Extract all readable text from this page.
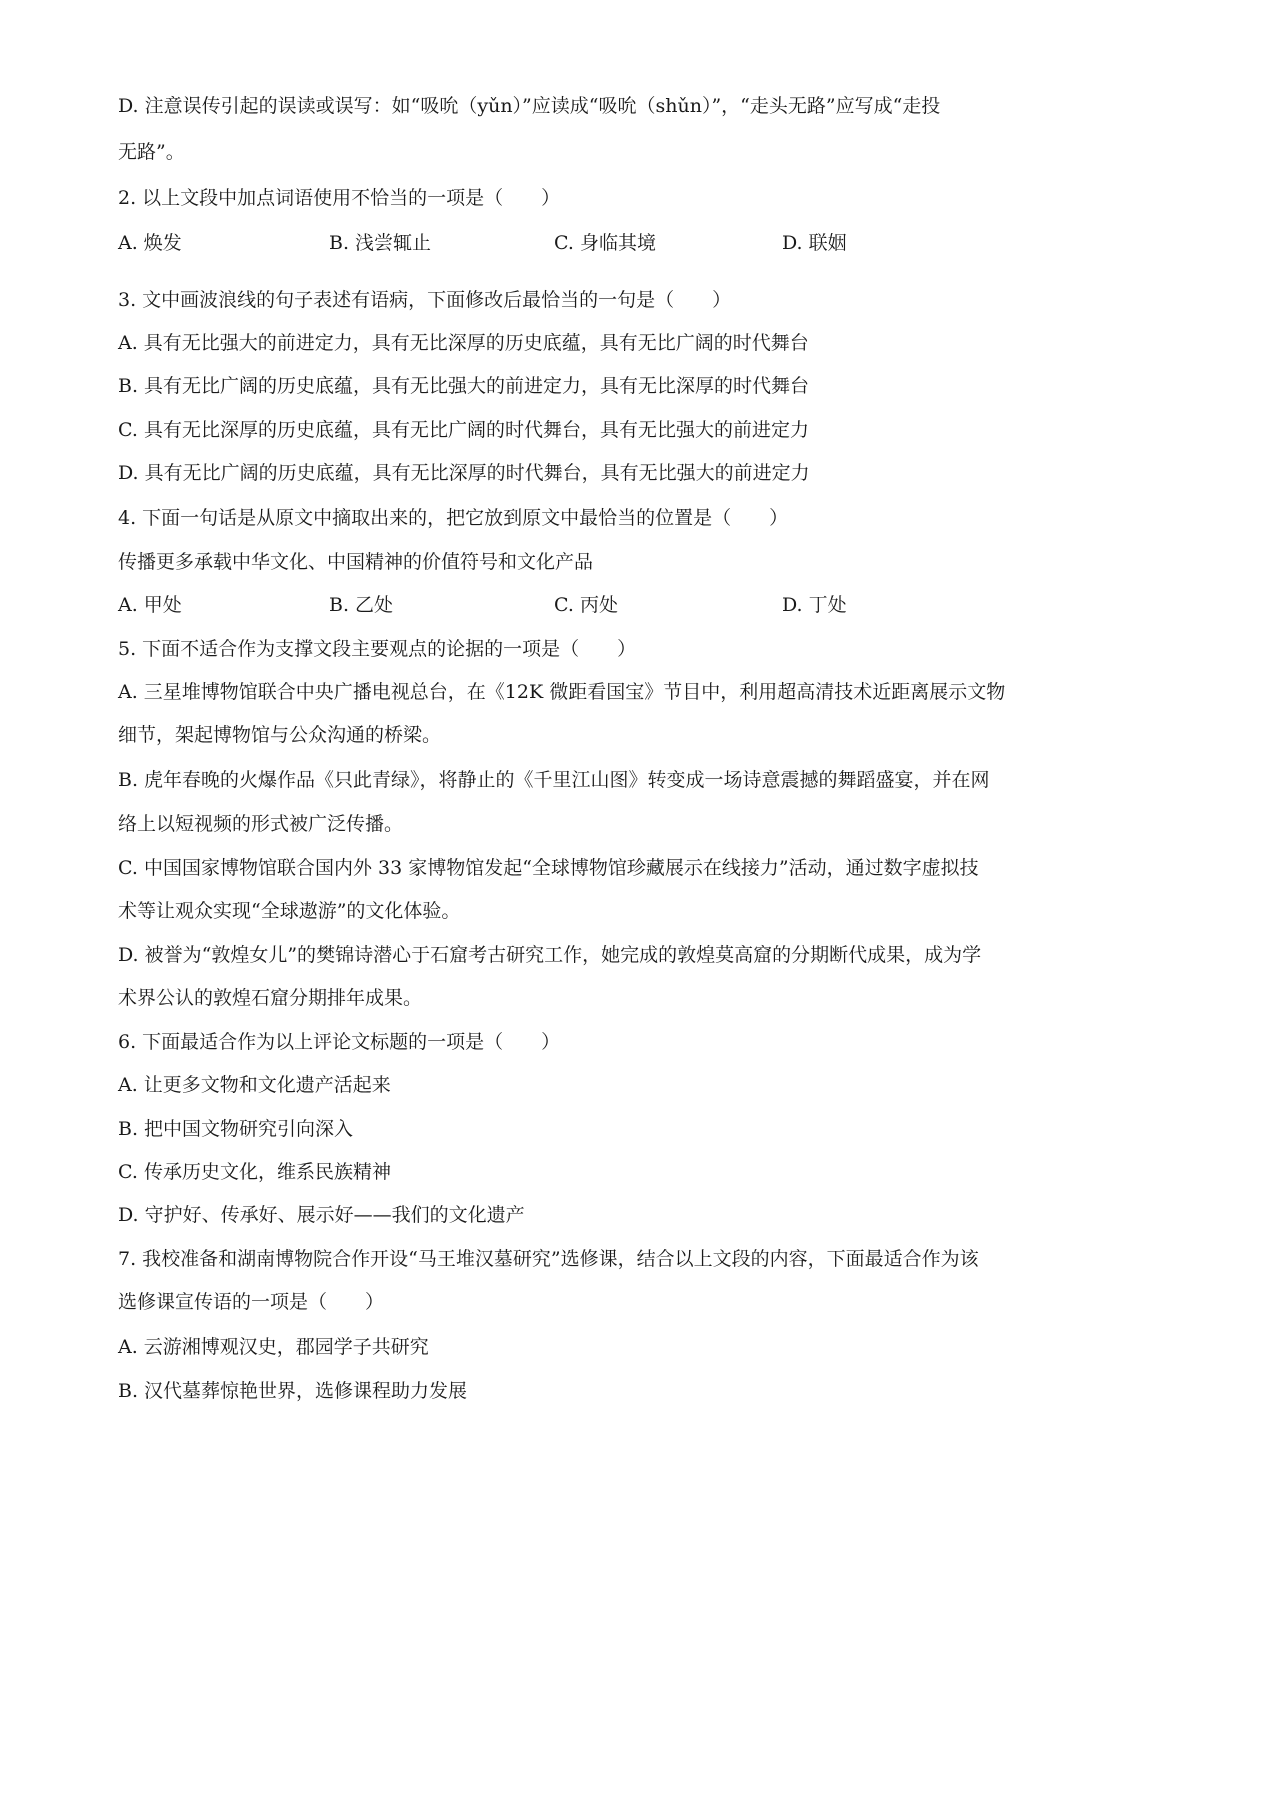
D. 注意误传引起的误读或误写：如“吸吮（yǔn）”应读成“吸吮（shǔn）”，“走头无路”应写成“走投
无路”。
2. 以上文段中加点词语使用不恰当的一项是（　　）
A. 焕发	B. 浅尝辄止	C. 身临其境	D. 联姻
3. 文中画波浪线的句子表述有语病，下面修改后最恰当的一句是（　　）
A. 具有无比强大的前进定力，具有无比深厚的历史底蕴，具有无比广阔的时代舞台
B. 具有无比广阔的历史底蕴，具有无比强大的前进定力，具有无比深厚的时代舞台
C. 具有无比深厚的历史底蕴，具有无比广阔的时代舞台，具有无比强大的前进定力
D. 具有无比广阔的历史底蕴，具有无比深厚的时代舞台，具有无比强大的前进定力
4. 下面一句话是从原文中摘取出来的，把它放到原文中最恰当的位置是（　　）
传播更多承载中华文化、中国精神的价值符号和文化产品
A. 甲处	B. 乙处	C. 丙处	D. 丁处
5. 下面不适合作为支撑文段主要观点的论据的一项是（　　）
A. 三星堆博物馆联合中央广播电视总台，在《12K 微距看国宝》节目中，利用超高清技术近距离展示文物
细节，架起博物馆与公众沟通的桥梁。
B. 虎年春晚的火爆作品《只此青绿》，将静止的《千里江山图》转变成一场诗意震撼的舞蹈盛宴，并在网
络上以短视频的形式被广泛传播。
C. 中国国家博物馆联合国内外 33 家博物馆发起“全球博物馆珍藏展示在线接力”活动，通过数字虚拟技
术等让观众实现“全球遨游”的文化体验。
D. 被誉为“敦煌女儿”的樊锦诗潜心于石窟考古研究工作，她完成的敦煌莫高窟的分期断代成果，成为学
术界公认的敦煌石窟分期排年成果。
6. 下面最适合作为以上评论文标题的一项是（　　）
A. 让更多文物和文化遗产活起来
B. 把中国文物研究引向深入
C. 传承历史文化，维系民族精神
D. 守护好、传承好、展示好——我们的文化遗产
7. 我校准备和湖南博物院合作开设“马王堆汉墓研究”选修课，结合以上文段的内容，下面最适合作为该
选修课宣传语的一项是（　　）
A. 云游湘博观汉史，郡园学子共研究
B. 汉代墓葬惊艳世界，选修课程助力发展
